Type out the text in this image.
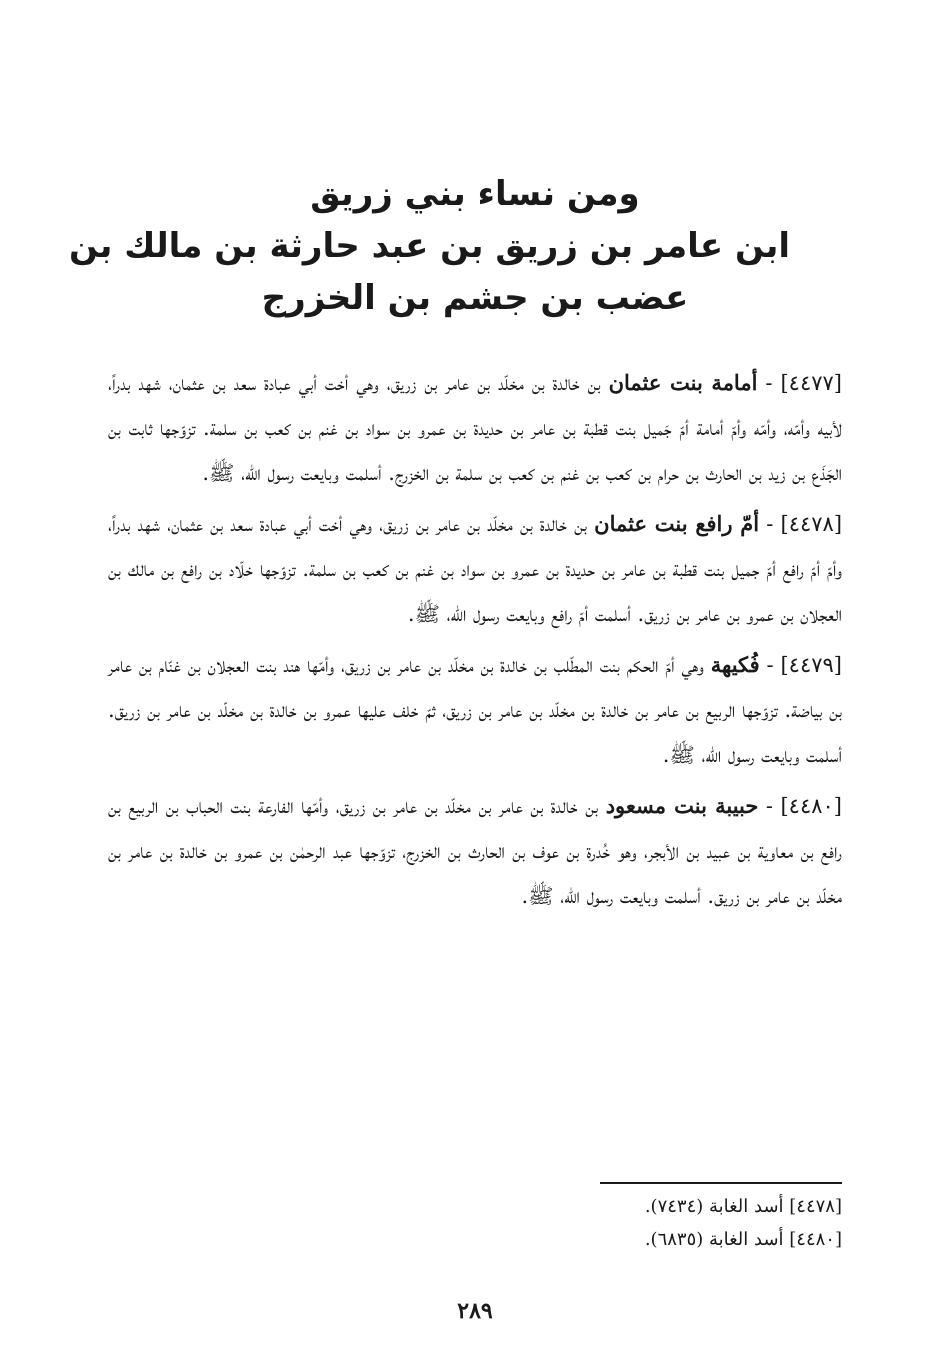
ومن نساء بني زريق
ابن عامر بن زريق بن عبد حارثة بن مالك بن
عضب بن جشم بن الخزرج

[٤٤٧٧] - أمامة بنت عثمان بن خالدة بن مخلّد بن عامر بن زريق، وهي أخت أبي عبادة سعد بن عثمان، شهد بدراً، لأبيه وأمّه، وأمّه وأمّ أمامة أمّ جَميل بنت قطبة بن عامر بن حديدة بن عمرو بن سواد بن غنم بن كعب بن سلمة. تزوّجها ثابت بن الجَذَع بن زيد بن الحارث بن حرام بن كعب بن غنم بن كعب بن سلمة بن الخزرج. أسلمت وبايعت رسول الله، ﷺ.

[٤٤٧٨] - أمّ رافع بنت عثمان بن خالدة بن مخلّد بن عامر بن زريق، وهي أخت أبي عبادة سعد بن عثمان، شهد بدراً، وأمّ أمّ رافع أمّ جميل بنت قطبة بن عامر بن حديدة بن عمرو بن سواد بن غنم بن كعب بن سلمة. تزوّجها خلّاد بن رافع بن مالك بن العجلان بن عمرو بن عامر بن زريق. أسلمت أمّ رافع وبايعت رسول الله، ﷺ.

[٤٤٧٩] - فُكيهة وهي أمّ الحكم بنت المطّلب بن خالدة بن مخلّد بن عامر بن زريق، وأمّها هند بنت العجلان بن غنّام بن عامر بن بياضة. تزوّجها الربيع بن عامر بن خالدة بن مخلّد بن عامر بن زريق، ثمّ خلف عليها عمرو بن خالدة بن مخلّد بن عامر بن زريق. أسلمت وبايعت رسول الله، ﷺ.

[٤٤٨٠] - حبيبة بنت مسعود بن خالدة بن عامر بن مخلّد بن عامر بن زريق، وأمّها الفارعة بنت الحباب بن الربيع بن رافع بن معاوية بن عبيد بن الأبجر، وهو خُدرة بن عوف بن الحارث بن الخزرج، تزوّجها عبد الرحمٰن بن عمرو بن خالدة بن عامر بن مخلّد بن عامر بن زريق. أسلمت وبايعت رسول الله، ﷺ.

[٤٤٧٨] أسد الغابة (٧٤٣٤).
[٤٤٨٠] أسد الغابة (٦٨٣٥).
٢٨٩
